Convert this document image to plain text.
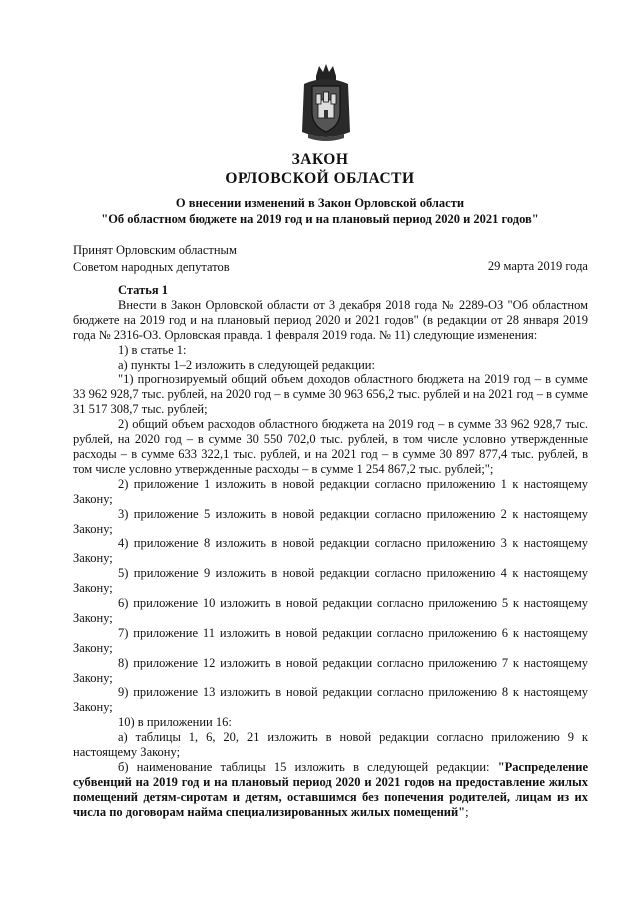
ЗАКОН
ОРЛОВСКОЙ ОБЛАСТИ
О внесении изменений в Закон Орловской области
"Об областном бюджете на 2019 год и на плановый период 2020 и 2021 годов"
Принят Орловским областным
Советом народных депутатов	29 марта 2019 года

Статья 1

Внести в Закон Орловской области от 3 декабря 2018 года № 2289-ОЗ "Об областном бюджете на 2019 год и на плановый период 2020 и 2021 годов" (в редакции от 28 января 2019 года № 2316-ОЗ. Орловская правда. 1 февраля 2019 года. № 11) следующие изменения:

1) в статье 1:

а) пункты 1–2 изложить в следующей редакции:

"1) прогнозируемый общий объем доходов областного бюджета на 2019 год – в сумме 33 962 928,7 тыс. рублей, на 2020 год – в сумме 30 963 656,2 тыс. рублей и на 2021 год – в сумме 31 517 308,7 тыс. рублей;

2) общий объем расходов областного бюджета на 2019 год – в сумме 33 962 928,7 тыс. рублей, на 2020 год – в сумме 30 550 702,0 тыс. рублей, в том числе условно утвержденные расходы – в сумме 633 322,1 тыс. рублей, и на 2021 год – в сумме 30 897 877,4 тыс. рублей, в том числе условно утвержденные расходы – в сумме 1 254 867,2 тыс. рублей;";

2) приложение 1 изложить в новой редакции согласно приложению 1 к настоящему Закону;

3) приложение 5 изложить в новой редакции согласно приложению 2 к настоящему Закону;

4) приложение 8 изложить в новой редакции согласно приложению 3 к настоящему Закону;

5) приложение 9 изложить в новой редакции согласно приложению 4 к настоящему Закону;

6) приложение 10 изложить в новой редакции согласно приложению 5 к настоящему Закону;

7) приложение 11 изложить в новой редакции согласно приложению 6 к настоящему Закону;

8) приложение 12 изложить в новой редакции согласно приложению 7 к настоящему Закону;

9) приложение 13 изложить в новой редакции согласно приложению 8 к настоящему Закону;

10) в приложении 16:

а) таблицы 1, 6, 20, 21 изложить в новой редакции согласно приложению 9 к настоящему Закону;

б) наименование таблицы 15 изложить в следующей редакции: "Распределение субвенций на 2019 год и на плановый период 2020 и 2021 годов на предоставление жилых помещений детям-сиротам и детям, оставшимся без попечения родителей, лицам из их числа по договорам найма специализированных жилых помещений";
